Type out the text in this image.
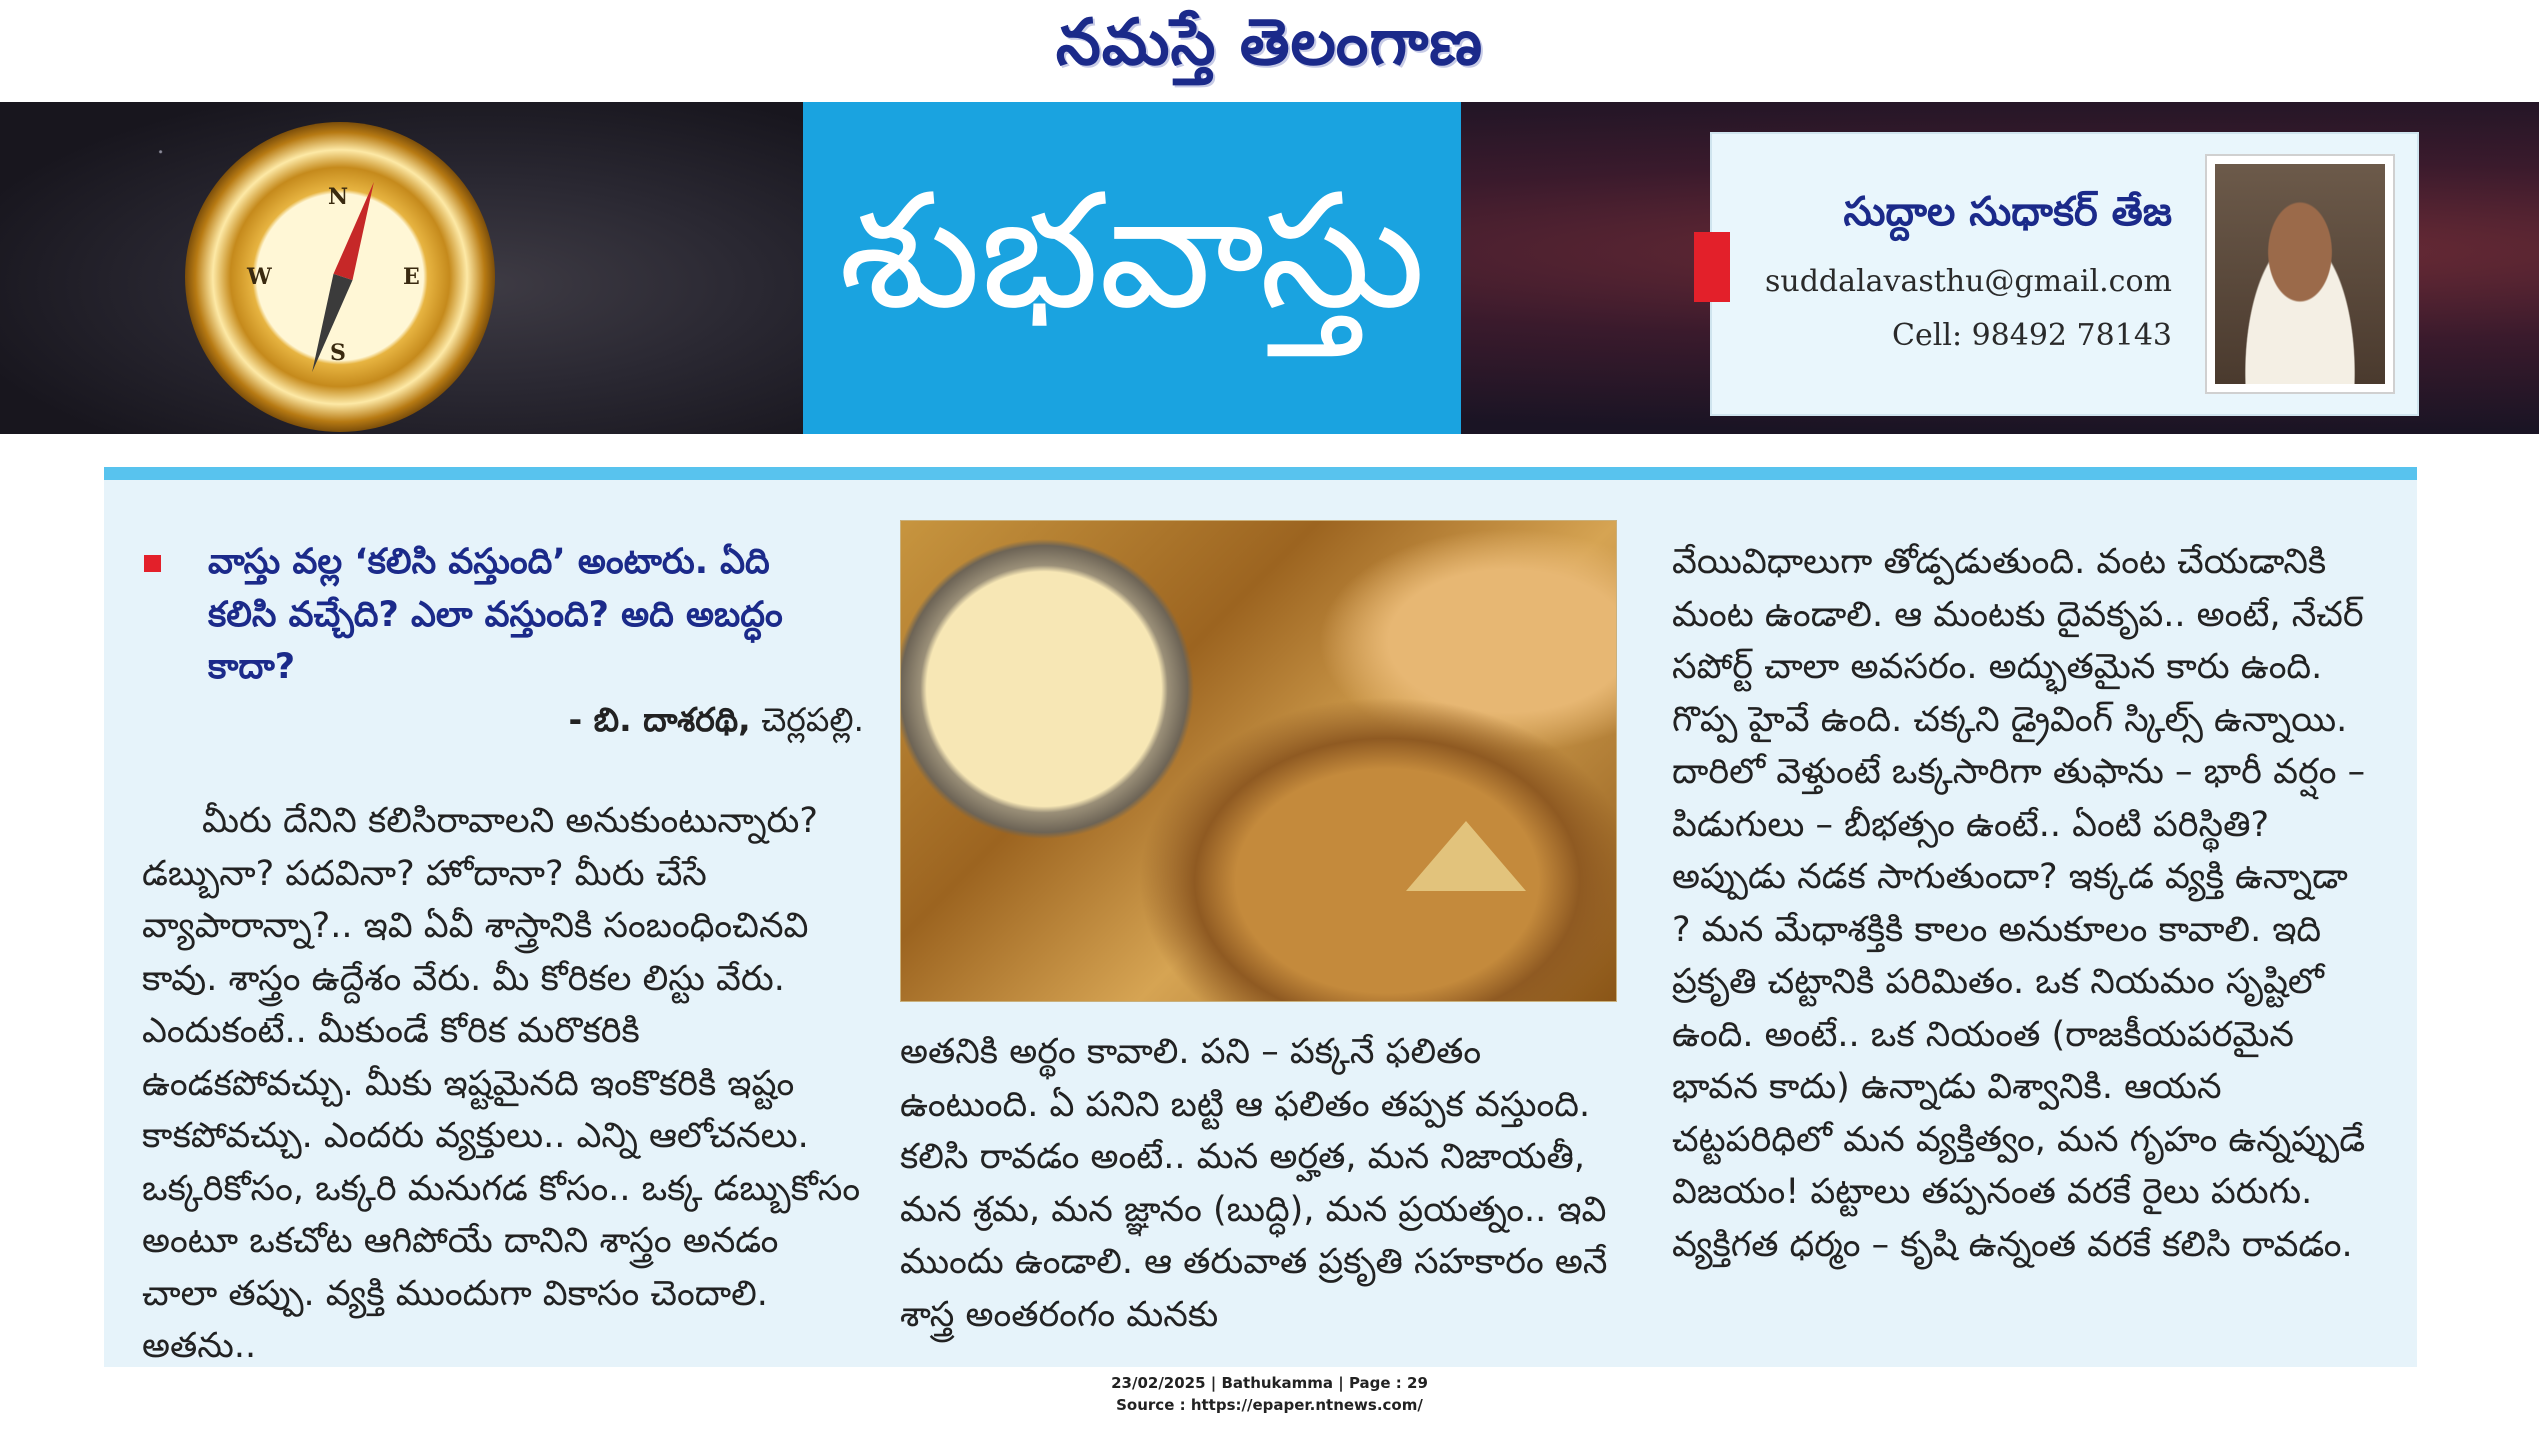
నమస్తే తెలంగాణ
N
E
S
W	శుభవాస్తు	సుద్దాల సుధాకర్ తేజ
suddalavasthu@gmail.com
Cell: 98492 78143
వాస్తు వల్ల ‘కలిసి వస్తుంది’ అంటారు. ఏది కలిసి వచ్చేది? ఎలా వస్తుంది? అది అబద్ధం కాదా?
- బి. దాశరథి, చెర్లపల్లి.
మీరు దేనిని కలిసిరావాలని అనుకుంటున్నారు? డబ్బునా? పదవినా? హోదానా? మీరు చేసే వ్యాపారాన్నా?.. ఇవి ఏవీ శాస్త్రానికి సంబంధించినవి కావు. శాస్త్రం ఉద్దేశం వేరు. మీ కోరికల లిస్టు వేరు. ఎందుకంటే.. మీకుండే కోరిక మరొకరికి ఉండకపోవచ్చు. మీకు ఇష్టమైనది ఇంకొకరికి ఇష్టం కాకపోవచ్చు. ఎందరు వ్యక్తులు.. ఎన్ని ఆలోచనలు. ఒక్కరికోసం, ఒక్కరి మనుగడ కోసం.. ఒక్క డబ్బుకోసం అంటూ ఒకచోట ఆగిపోయే దానిని శాస్త్రం అనడం చాలా తప్పు. వ్యక్తి ముందుగా వికాసం చెందాలి. అతను..
అతనికి అర్థం కావాలి. పని – పక్కనే ఫలితం ఉంటుంది. ఏ పనిని బట్టి ఆ ఫలితం తప్పక వస్తుంది. కలిసి రావడం అంటే.. మన అర్హత, మన నిజాయతీ, మన శ్రమ, మన జ్ఞానం (బుద్ధి), మన ప్రయత్నం.. ఇవి ముందు ఉండాలి. ఆ తరువాత ప్రకృతి సహకారం అనే శాస్త్ర అంతరంగం మనకు
వేయివిధాలుగా తోడ్పడుతుంది. వంట చేయడానికి మంట ఉండాలి. ఆ మంటకు దైవకృప.. అంటే, నేచర్ సపోర్ట్ చాలా అవసరం. అద్భుతమైన కారు ఉంది. గొప్ప హైవే ఉంది. చక్కని డ్రైవింగ్ స్కిల్స్ ఉన్నాయి. దారిలో వెళ్తుంటే ఒక్కసారిగా తుఫాను – భారీ వర్షం – పిడుగులు – బీభత్సం ఉంటే.. ఏంటి పరిస్థితి? అప్పుడు నడక సాగుతుందా? ఇక్కడ వ్యక్తి ఉన్నాడా ? మన మేధాశక్తికి కాలం అనుకూలం కావాలి. ఇది ప్రకృతి చట్టానికి పరిమితం. ఒక నియమం సృష్టిలో ఉంది. అంటే.. ఒక నియంత (రాజకీయపరమైన భావన కాదు) ఉన్నాడు విశ్వానికి. ఆయన చట్టపరిధిలో మన వ్యక్తిత్వం, మన గృహం ఉన్నప్పుడే విజయం! పట్టాలు తప్పనంత వరకే రైలు పరుగు. వ్యక్తిగత ధర్మం – కృషి ఉన్నంత వరకే కలిసి రావడం.
23/02/2025 | Bathukamma | Page : 29
Source : https://epaper.ntnews.com/
